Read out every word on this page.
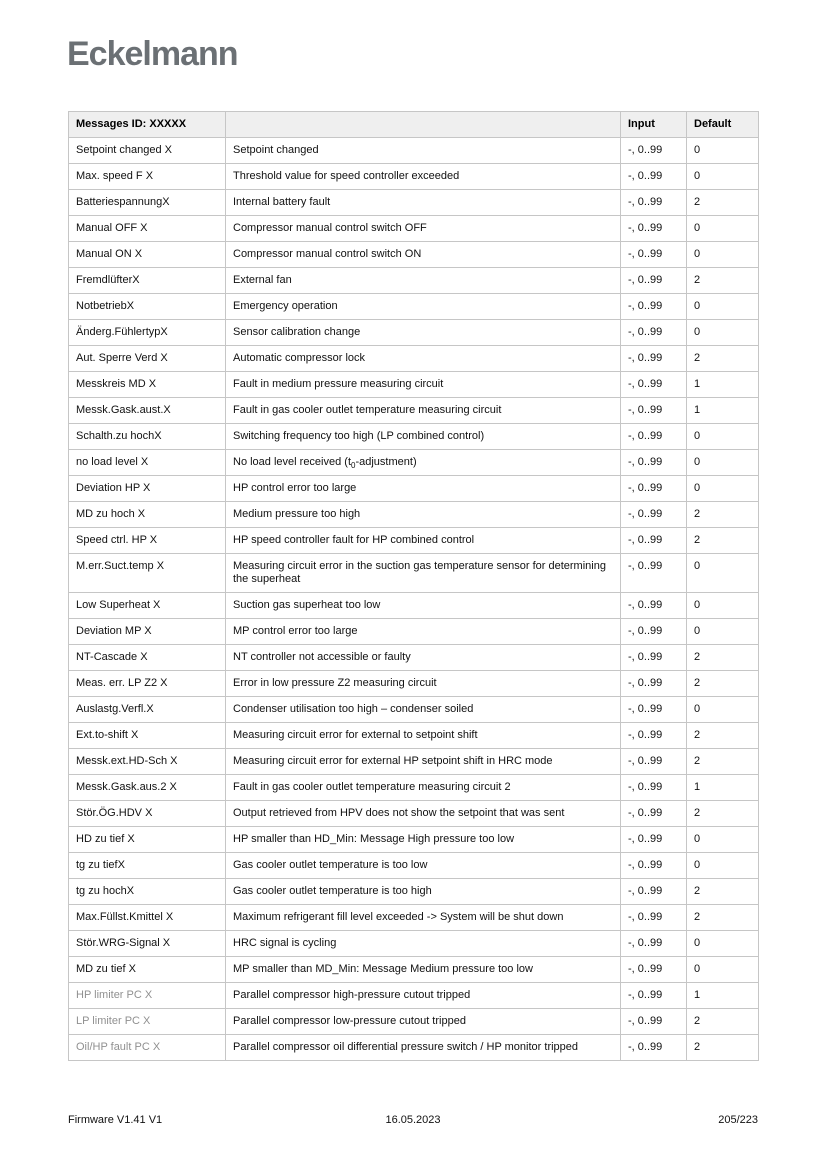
Eckelmann
Messages ID: XXXXX		Input	Default
Setpoint changed X	Setpoint changed	-, 0..99	0
Max. speed F X	Threshold value for speed controller exceeded	-, 0..99	0
BatteriespannungX	Internal battery fault	-, 0..99	2
Manual OFF X	Compressor manual control switch OFF	-, 0..99	0
Manual ON X	Compressor manual control switch ON	-, 0..99	0
FremdlüfterX	External fan	-, 0..99	2
NotbetriebX	Emergency operation	-, 0..99	0
Änderg.FühlertypX	Sensor calibration change	-, 0..99	0
Aut. Sperre Verd X	Automatic compressor lock	-, 0..99	2
Messkreis MD X	Fault in medium pressure measuring circuit	-, 0..99	1
Messk.Gask.aust.X	Fault in gas cooler outlet temperature measuring circuit	-, 0..99	1
Schalth.zu hochX	Switching frequency too high (LP combined control)	-, 0..99	0
no load level X	No load level received $(t_0-adjustment)$	-, 0..99	0
Deviation HP X	HP control error too large	-, 0..99	0
MD zu hoch X	Medium pressure too high	-, 0..99	2
Speed ctrl. HP X	HP speed controller fault for HP combined control	-, 0..99	2
M.err.Suct.temp X	Measuring circuit error in the suction gas temperature sensor for determining the superheat	-, 0..99	0
Low Superheat X	Suction gas superheat too low	-, 0..99	0
Deviation MP X	MP control error too large	-, 0..99	0
NT-Cascade X	NT controller not accessible or faulty	-, 0..99	2
Meas. err. LP Z2 X	Error in low pressure Z2 measuring circuit	-, 0..99	2
Auslastg.Verfl.X	Condenser utilisation too high – condenser soiled	-, 0..99	0
Ext.to-shift X	Measuring circuit error for external to setpoint shift	-, 0..99	2
Messk.ext.HD-Sch X	Measuring circuit error for external HP setpoint shift in HRC mode	-, 0..99	2
Messk.Gask.aus.2 X	Fault in gas cooler outlet temperature measuring circuit 2	-, 0..99	1
Stör.ÖG.HDV X	Output retrieved from HPV does not show the setpoint that was sent	-, 0..99	2
HD zu tief X	HP smaller than HD_Min: Message High pressure too low	-, 0..99	0
tg zu tiefX	Gas cooler outlet temperature is too low	-, 0..99	0
tg zu hochX	Gas cooler outlet temperature is too high	-, 0..99	2
Max.Füllst.Kmittel X	Maximum refrigerant fill level exceeded -> System will be shut down	-, 0..99	2
Stör.WRG-Signal X	HRC signal is cycling	-, 0..99	0
MD zu tief X	MP smaller than MD_Min: Message Medium pressure too low	-, 0..99	0
HP limiter PC X	Parallel compressor high-pressure cutout tripped	-, 0..99	1
LP limiter PC X	Parallel compressor low-pressure cutout tripped	-, 0..99	2
Oil/HP fault PC X	Parallel compressor oil differential pressure switch / HP monitor tripped	-, 0..99	2
Firmware V1.41 V1	16.05.2023	205/223
